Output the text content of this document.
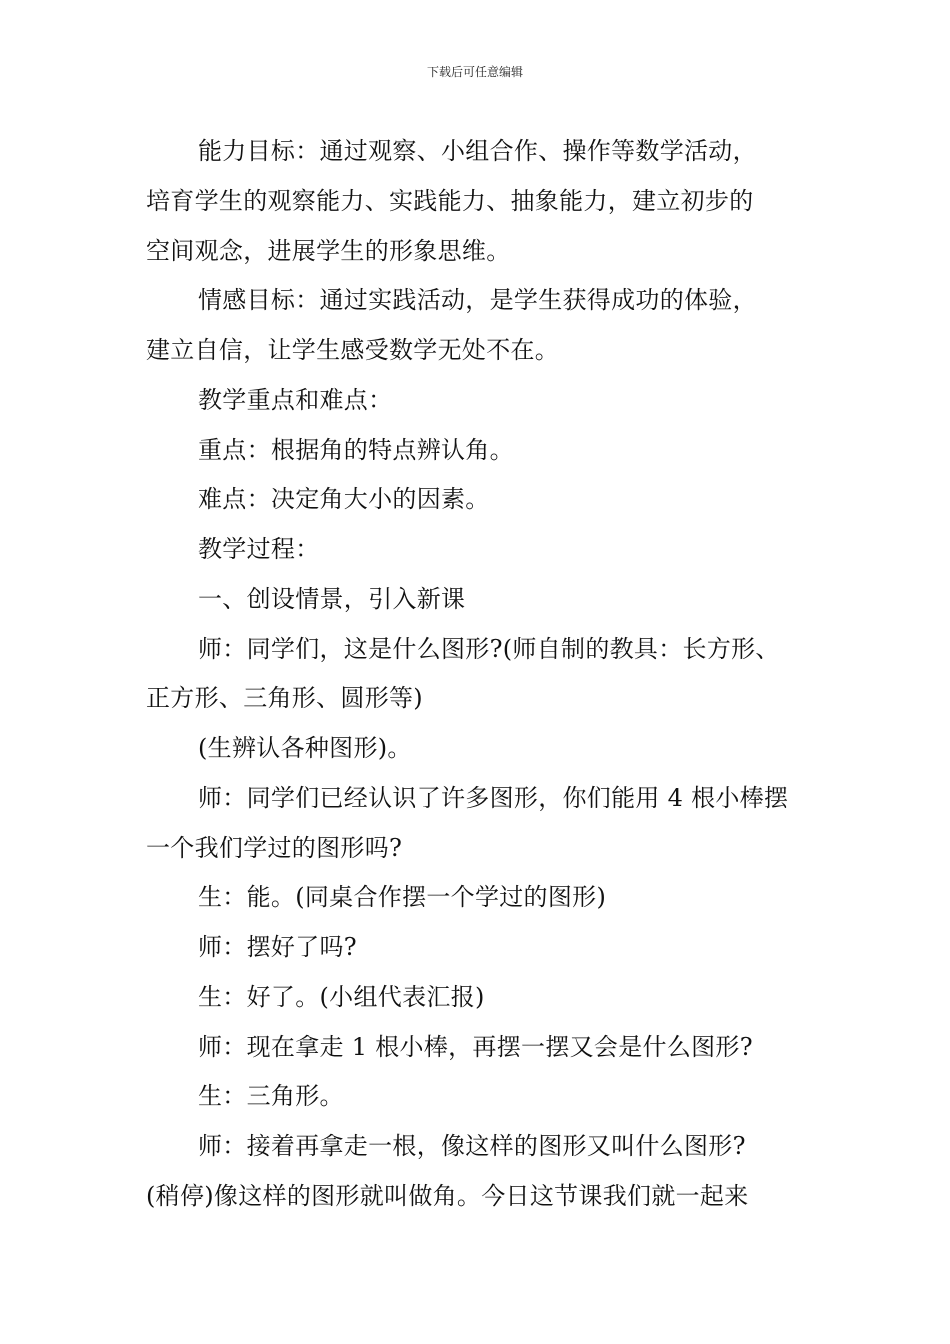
下载后可任意编辑
能力目标：通过观察、小组合作、操作等数学活动，
培育学生的观察能力、实践能力、抽象能力，建立初步的
空间观念，进展学生的形象思维。
情感目标：通过实践活动，是学生获得成功的体验，
建立自信，让学生感受数学无处不在。
教学重点和难点：
重点：根据角的特点辨认角。
难点：决定角大小的因素。
教学过程：
一、创设情景，引入新课
师：同学们，这是什么图形?(师自制的教具：长方形、
正方形、三角形、圆形等)
(生辨认各种图形)。
师：同学们已经认识了许多图形，你们能用 4 根小棒摆
一个我们学过的图形吗?
生：能。(同桌合作摆一个学过的图形)
师：摆好了吗?
生：好了。(小组代表汇报)
师：现在拿走 1 根小棒，再摆一摆又会是什么图形?
生：三角形。
师：接着再拿走一根，像这样的图形又叫什么图形?
(稍停)像这样的图形就叫做角。今日这节课我们就一起来
